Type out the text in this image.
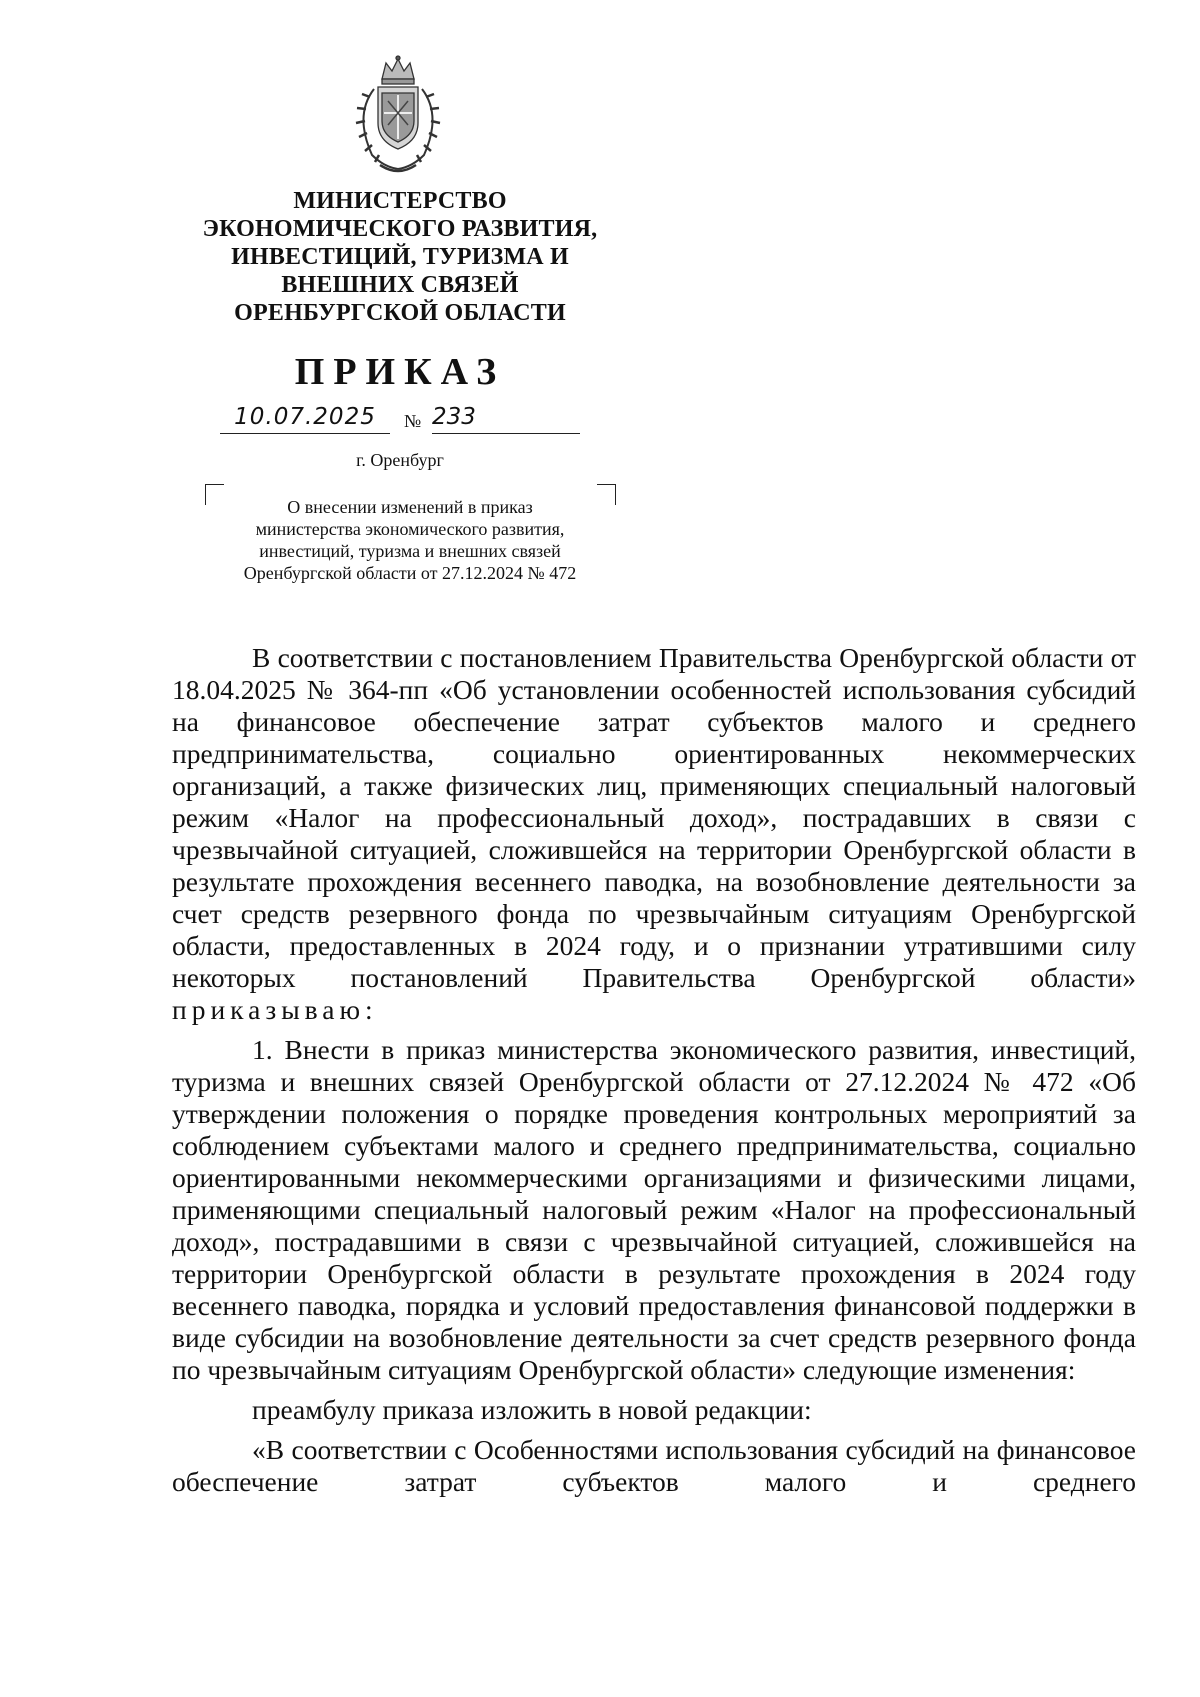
МИНИСТЕРСТВО
ЭКОНОМИЧЕСКОГО РАЗВИТИЯ,
ИНВЕСТИЦИЙ, ТУРИЗМА И
ВНЕШНИХ СВЯЗЕЙ
ОРЕНБУРГСКОЙ ОБЛАСТИ
ПРИКАЗ
10.07.2025	№ 233
г. Оренбург
О внесении изменений в приказ
министерства экономического развития,
инвестиций, туризма и внешних связей
Оренбургской области от 27.12.2024 № 472

В соответствии с постановлением Правительства Оренбургской области от 18.04.2025 № 364-пп «Об установлении особенностей использования субсидий на финансовое обеспечение затрат субъектов малого и среднего предпринимательства, социально ориентированных некоммерческих организаций, а также физических лиц, применяющих специальный налоговый режим «Налог на профессиональный доход», пострадавших в связи с чрезвычайной ситуацией, сложившейся на территории Оренбургской области в результате прохождения весеннего паводка, на возобновление деятельности за счет средств резервного фонда по чрезвычайным ситуациям Оренбургской области, предоставленных в 2024 году, и о признании утратившими силу некоторых постановлений Правительства Оренбургской области» приказываю:

1. Внести в приказ министерства экономического развития, инвестиций, туризма и внешних связей Оренбургской области от 27.12.2024 № 472 «Об утверждении положения о порядке проведения контрольных мероприятий за соблюдением субъектами малого и среднего предпринимательства, социально ориентированными некоммерческими организациями и физическими лицами, применяющими специальный налоговый режим «Налог на профессиональный доход», пострадавшими в связи с чрезвычайной ситуацией, сложившейся на территории Оренбургской области в результате прохождения в 2024 году весеннего паводка, порядка и условий предоставления финансовой поддержки в виде субсидии на возобновление деятельности за счет средств резервного фонда по чрезвычайным ситуациям Оренбургской области» следующие изменения:

преамбулу приказа изложить в новой редакции:

«В соответствии с Особенностями использования субсидий на финансовое обеспечение затрат субъектов малого и среднего
